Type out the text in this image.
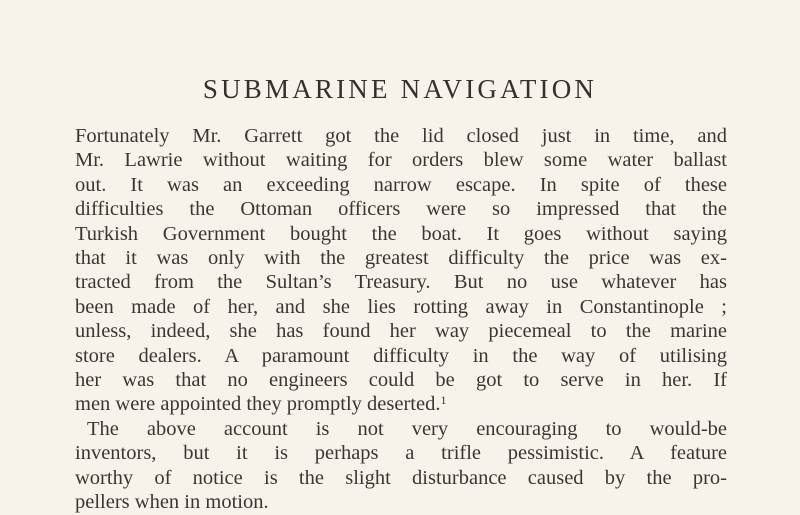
SUBMARINE NAVIGATION
Fortunately Mr. Garrett got the lid closed just in time, and
Mr. Lawrie without waiting for orders blew some water ballast
out. It was an exceeding narrow escape. In spite of these
difficulties the Ottoman officers were so impressed that the
Turkish Government bought the boat. It goes without saying
that it was only with the greatest difficulty the price was ex-
tracted from the Sultan’s Treasury. But no use whatever has
been made of her, and she lies rotting away in Constantinople ;
unless, indeed, she has found her way piecemeal to the marine
store dealers. A paramount difficulty in the way of utilising
her was that no engineers could be got to serve in her. If
men were appointed they promptly deserted.$^1$
The above account is not very encouraging to would-be
inventors, but it is perhaps a trifle pessimistic. A feature
worthy of notice is the slight disturbance caused by the pro-
pellers when in motion.
